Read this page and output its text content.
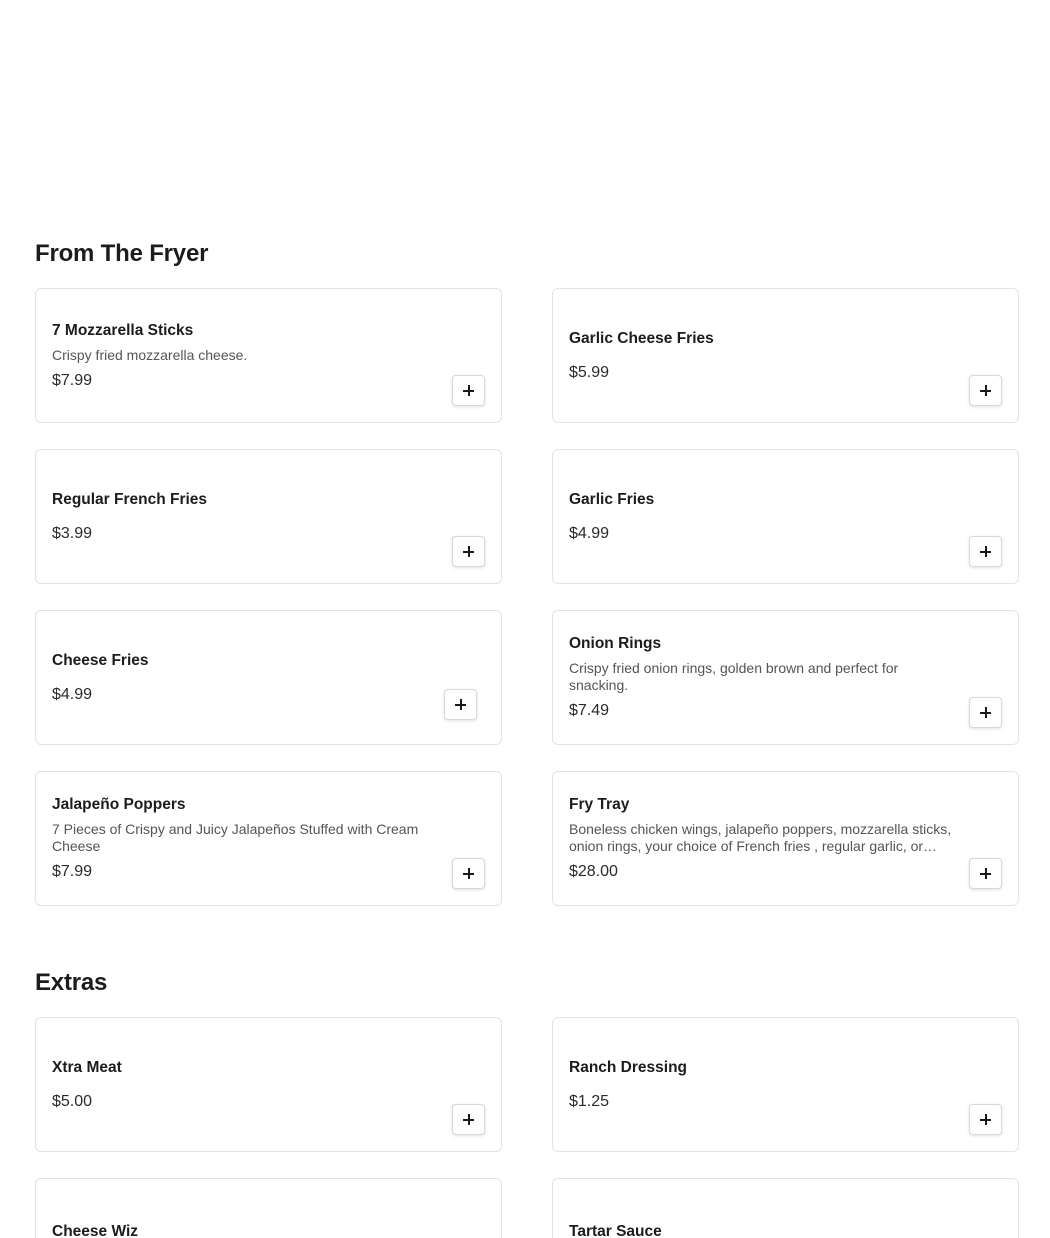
From The Fryer
7 Mozzarella Sticks
Crispy fried mozzarella cheese.
$7.99
Garlic Cheese Fries
$5.99
Regular French Fries
$3.99
Garlic Fries
$4.99
Cheese Fries
$4.99
Onion Rings
Crispy fried onion rings, golden brown and perfect for snacking.
$7.49
Jalapeño Poppers
7 Pieces of Crispy and Juicy Jalapeños Stuffed with Cream Cheese
$7.99
Fry Tray
Boneless chicken wings, jalapeño poppers, mozzarella sticks, onion rings, your choice of French fries , regular garlic, or
$28.00
Extras
Xtra Meat
$5.00
Ranch Dressing
$1.25
Cheese Wiz	Tartar Sauce
